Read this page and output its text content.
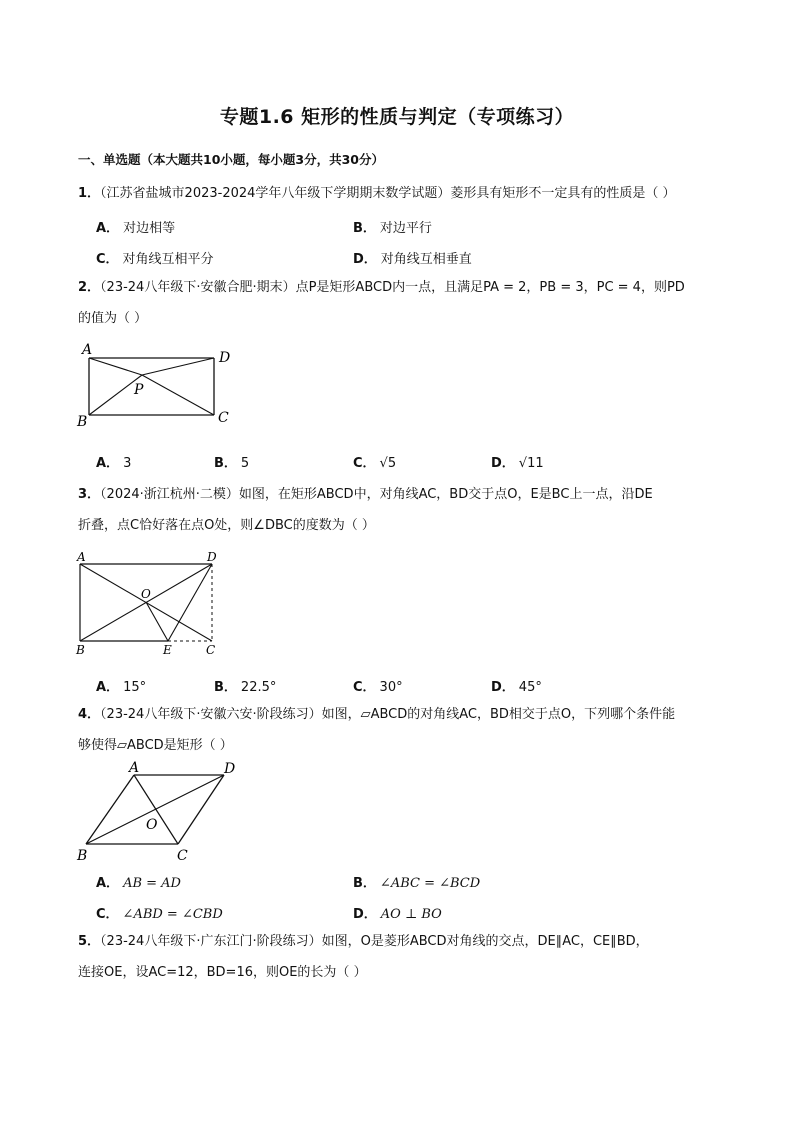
专题1.6 矩形的性质与判定（专项练习）
一、单选题（本大题共10小题，每小题3分，共30分）
1．（江苏省盐城市2023-2024学年八年级下学期期末数学试题）菱形具有矩形不一定具有的性质是（ ）
A． 对边相等	B． 对边平行
C． 对角线互相平分	D． 对角线互相垂直
2．（23-24八年级下·安徽合肥·期末）点P是矩形ABCD内一点，且满足PA = 2，PB = 3，PC = 4，则PD
的值为（ ）
A	D
B	C
P
A． 3	B． 5	C． √5	D． √11
3．（2024·浙江杭州·二模）如图，在矩形ABCD中，对角线AC，BD交于点O，E是BC上一点，沿DE
折叠，点C恰好落在点O处，则∠DBC的度数为（ ）
A	D
B	C
O
E
A． 15°	B． 22.5°	C． 30°	D． 45°
4．（23-24八年级下·安徽六安·阶段练习）如图，▱ABCD的对角线AC，BD相交于点O，下列哪个条件能
够使得▱ABCD是矩形（ ）
A	D
B	C
O
A． AB = AD	B． ∠ABC = ∠BCD
C． ∠ABD = ∠CBD	D． AO ⊥ BO
5．（23-24八年级下·广东江门·阶段练习）如图，O是菱形ABCD对角线的交点，DE∥AC，CE∥BD，
连接OE，设AC=12，BD=16，则OE的长为（ ）
